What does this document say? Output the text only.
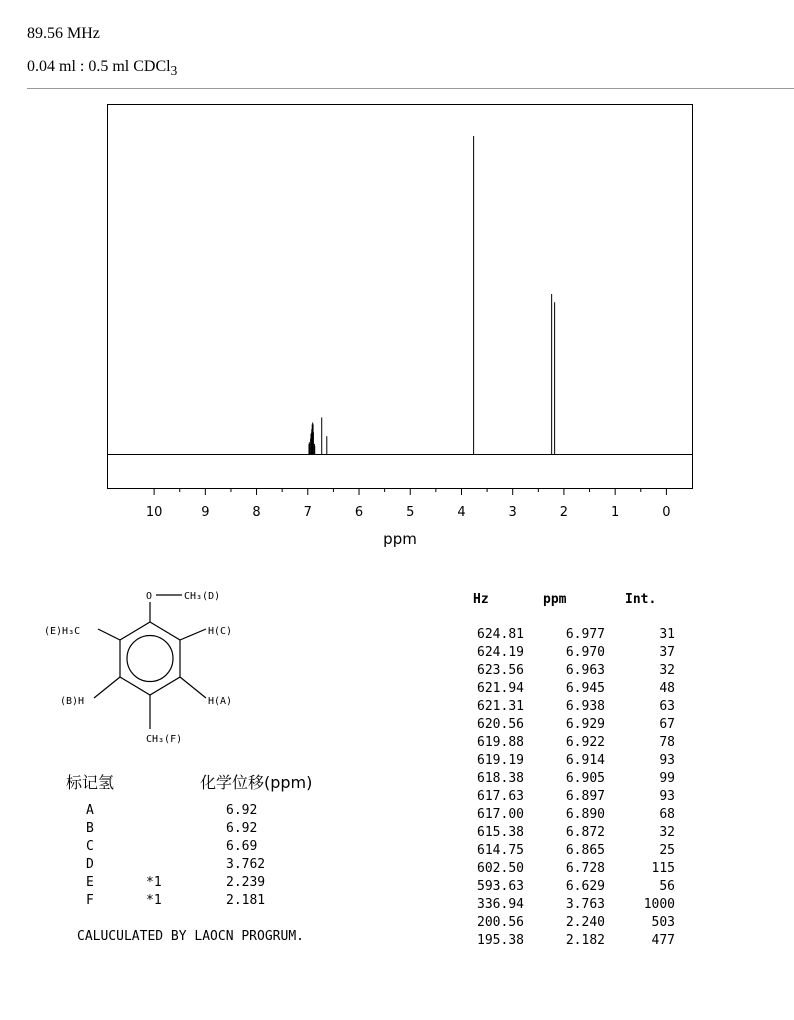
89.56 MHz
0.04 ml : 0.5 ml CDCl$_3$
10	9	8	7	6	5	4	3	2	1	0
ppm
O	CH₃(D)
(E)H₃C	H(C)
(B)H	H(A)
CH₃(F)
标记氢	化学位移(ppm)
A	6.92
B	6.92
C	6.69
D	3.762
E	*1	2.239
F	*1	2.181
Hz	ppm	Int.
624.81	6.977	31
624.19	6.970	37
623.56	6.963	32
621.94	6.945	48
621.31	6.938	63
620.56	6.929	67
619.88	6.922	78
619.19	6.914	93
618.38	6.905	99
617.63	6.897	93
617.00	6.890	68
615.38	6.872	32
614.75	6.865	25
602.50	6.728	115
593.63	6.629	56
336.94	3.763	1000
200.56	2.240	503
195.38	2.182	477
CALUCULATED BY LAOCN PROGRUM.
